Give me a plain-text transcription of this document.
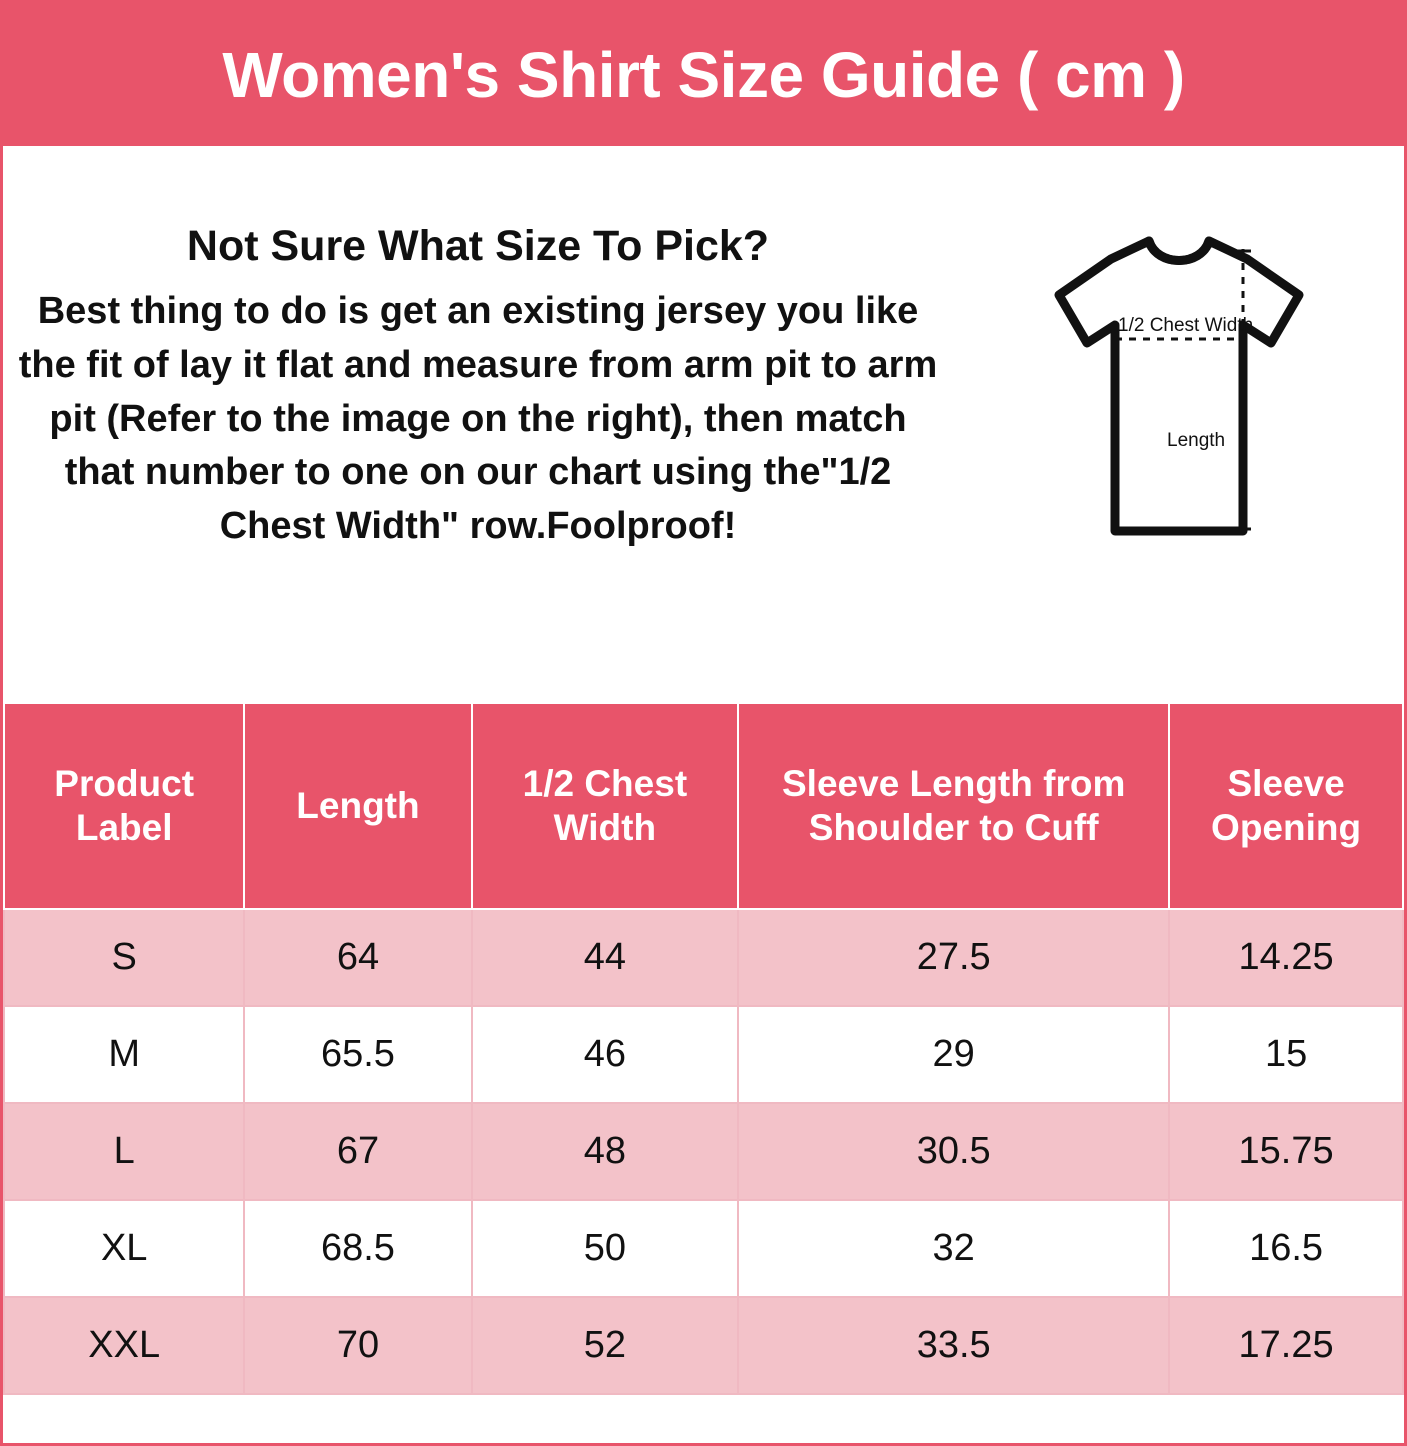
Women's Shirt Size Guide ( cm )
Not Sure What Size To Pick?
Best thing to do is get an existing jersey you like the fit of lay it flat and measure from arm pit to arm pit (Refer to the image on the right), then match that number to one on our chart using the"1/2 Chest Width" row.Foolproof!
1/2 Chest Width
Length
Product Label	Length	1/2 Chest Width	Sleeve Length from Shoulder to Cuff	Sleeve Opening
S	64	44	27.5	14.25
M	65.5	46	29	15
L	67	48	30.5	15.75
XL	68.5	50	32	16.5
XXL	70	52	33.5	17.25
